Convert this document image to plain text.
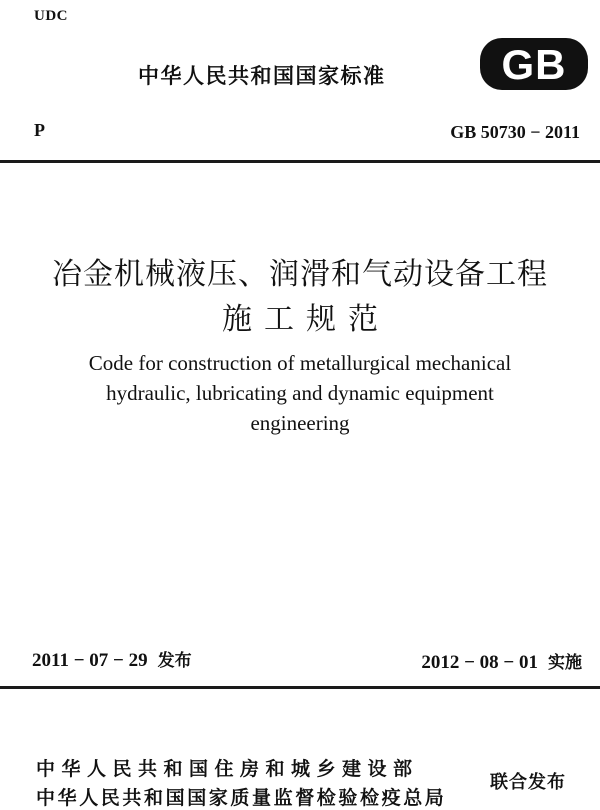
UDC
中华人民共和国国家标准	GB
P	GB 50730 − 2011
冶金机械液压、润滑和气动设备工程
施工规范
Code for construction of metallurgical mechanical
hydraulic, lubricating and dynamic equipment
engineering
2011 − 07 − 29 发布	2012 − 08 − 01 实施
中华人民共和国住房和城乡建设部
中华人民共和国国家质量监督检验检疫总局
联合发布
